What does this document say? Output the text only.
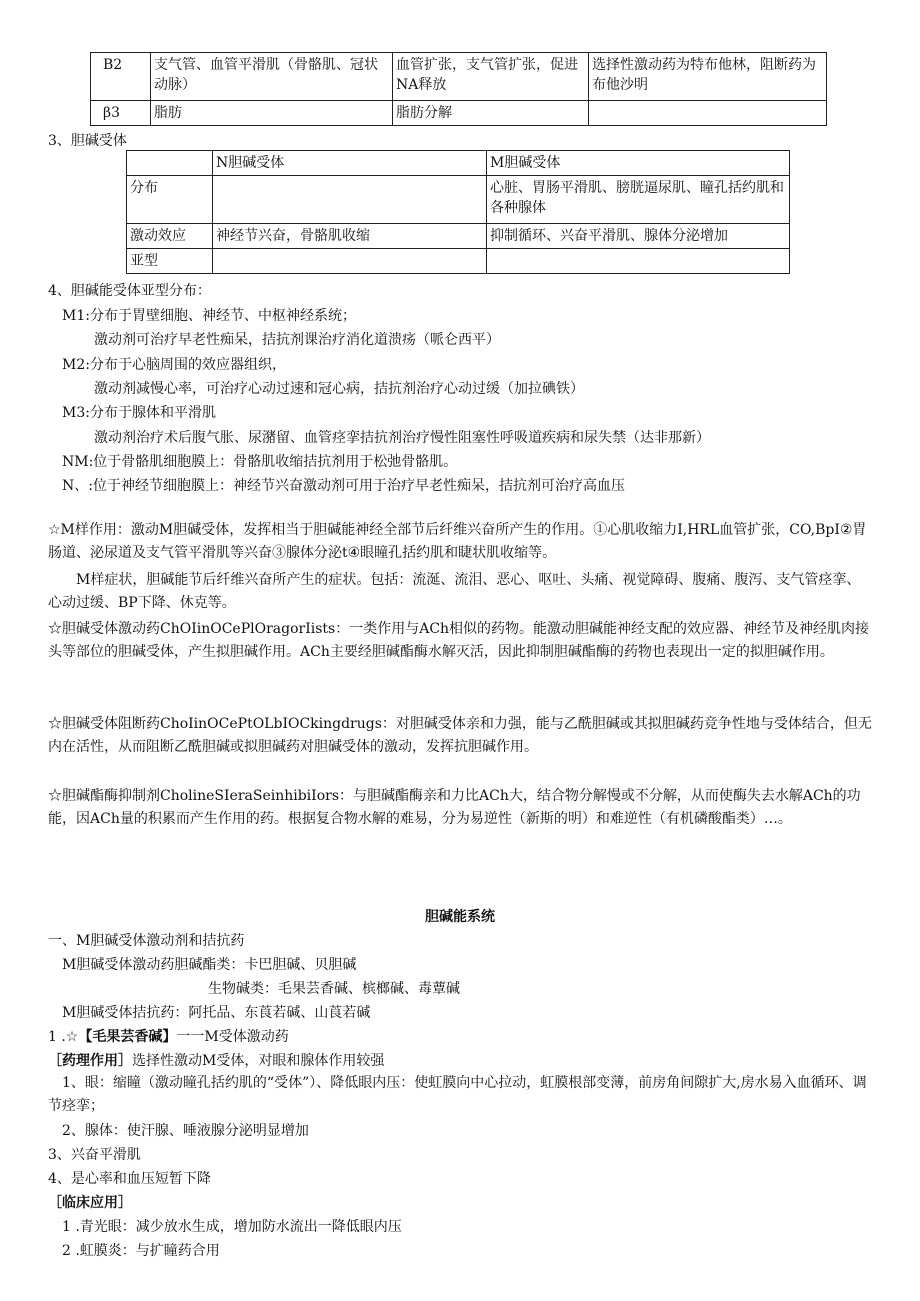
B2	支气管、血管平滑肌（骨骼肌、冠状动脉）	血管扩张，支气管扩张，促进NA释放	选择性激动药为特布他林，阻断药为布他沙明
β3	脂肪	脂肪分解	
3、胆碱受体
	N胆碱受体	M胆碱受体
分布		心脏、胃肠平滑肌、膀胱逼尿肌、瞳孔括约肌和各种腺体
激动效应	神经节兴奋，骨骼肌收缩	抑制循环、兴奋平滑肌、腺体分泌增加
亚型		
4、胆碱能受体亚型分布：
M1:分布于胃壁细胞、神经节、中枢神经系统；
激动剂可治疗早老性痴呆，拮抗剂课治疗消化道溃疡（哌仑西平）
M2:分布于心脑周围的效应器组织，
激动剂减慢心率，可治疗心动过速和冠心病，拮抗剂治疗心动过缓（加拉碘铁）
M3:分布于腺体和平滑肌
激动剂治疗术后腹气胀、尿潴留、血管痉挛拮抗剂治疗慢性阻塞性呼吸道疾病和尿失禁（达非那新）
NM:位于骨骼肌细胞膜上：骨骼肌收缩拮抗剂用于松弛骨骼肌。
N、:位于神经节细胞膜上：神经节兴奋激动剂可用于治疗早老性痴呆，拮抗剂可治疗高血压
☆M样作用：激动M胆碱受体，发挥相当于胆碱能神经全部节后纤维兴奋所产生的作用。①心肌收缩力I,HRL血管扩张，CO,BpI②胃肠道、泌尿道及支气管平滑肌等兴奋③腺体分泌t④眼瞳孔括约肌和睫状肌收缩等。
M样症状，胆碱能节后纤维兴奋所产生的症状。包括：流涎、流泪、恶心、呕吐、头痛、视觉障碍、腹痛、腹泻、支气管痉挛、心动过缓、BP下降、休克等。
☆胆碱受体激动药ChOIinOCePlOragorIists：一类作用与ACh相似的药物。能激动胆碱能神经支配的效应器、神经节及神经肌肉接头等部位的胆碱受体，产生拟胆碱作用。ACh主要经胆碱酯酶水解灭活，因此抑制胆碱酯酶的药物也表现出一定的拟胆碱作用。
☆胆碱受体阻断药ChoIinOCePtOLbIOCkingdrugs：对胆碱受体亲和力强，能与乙酰胆碱或其拟胆碱药竞争性地与受体结合，但无内在活性，从而阻断乙酰胆碱或拟胆碱药对胆碱受体的激动，发挥抗胆碱作用。
☆胆碱酯酶抑制剂CholineSIeraSeinhibiIors：与胆碱酯酶亲和力比ACh大，结合物分解慢或不分解，从而使酶失去水解ACh的功能，因ACh量的积累而产生作用的药。根据复合物水解的难易，分为易逆性（新斯的明）和难逆性（有机磷酸酯类）…。
胆碱能系统
一、M胆碱受体激动剂和拮抗药
M胆碱受体激动药胆碱酯类：卡巴胆碱、贝胆碱
生物碱类：毛果芸香碱、槟榔碱、毒蕈碱
M胆碱受体拮抗药：阿托品、东莨若碱、山莨若碱
1 .☆【毛果芸香碱】一一M受体激动药
［药理作用］选择性激动M受体，对眼和腺体作用较强
1、眼：缩瞳（激动瞳孔括约肌的“受体”）、降低眼内压：使虹膜向中心拉动，虹膜根部变薄，前房角间隙扩大,房水易入血循环、调节痉挛；
2、腺体：使汗腺、唾液腺分泌明显增加
3、兴奋平滑肌
4、是心率和血压短暂下降
［临床应用］
1 .青光眼：减少放水生成，增加防水流出一降低眼内压
2 .虹膜炎：与扩瞳药合用
